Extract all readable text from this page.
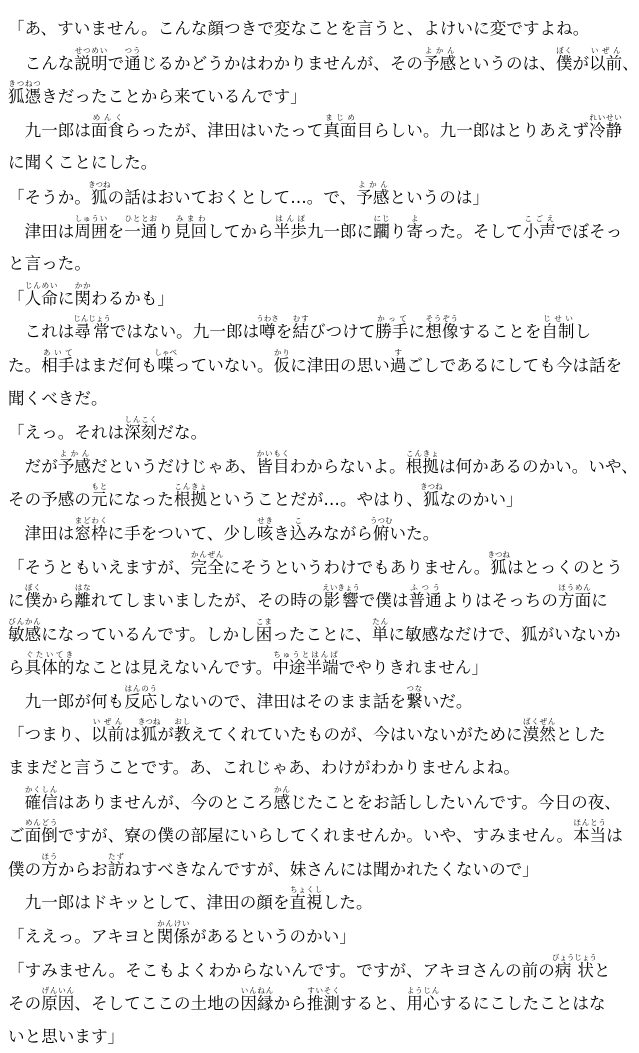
「あ、すいません。こんな顔つきで変なことを言うと、よけいに変ですよね。
　こんな説明せつめいで通つうじるかどうかはわかりませんが、その予感よかんというのは、僕ぼくが以前いぜん、
狐憑きつねつきだったことから来ているんです」
　九一郎は面食めんくらったが、津田はいたって真面まじめ目らしい。九一郎はとりあえず冷静れいせい
に聞くことにした。
「そうか。狐きつねの話はおいておくとして…。で、予感よかんというのは」
　津田は周囲しゅういを一通ひととおり見回みまわしてから半歩はんぽ九一郎に躙にじり寄よった。そして小声こごえでぼそっ
と言った。
「人命じんめいに関かかわるかも」
　これは尋常じんじょうではない。九一郎は噂うわさを結むすびつけて勝手かってに想像そうぞうすることを自制じせいし
た。相手あいてはまだ何も喋しゃべっていない。仮かりに津田の思い過すごしであるにしても今は話を
聞くべきだ。
「えっ。それは深刻しんこくだな。
　だが予感よかんだというだけじゃあ、皆目かいもくわからないよ。根拠こんきょは何かあるのかい。いや、
その予感の元もとになった根拠こんきょということだが…。やはり、狐きつねなのかい」
　津田は窓枠まどわくに手をついて、少し咳せきき込こみながら俯うつむいた。
「そうともいえますが、完全かんぜんにそうというわけでもありません。狐きつねはとっくのとう
に僕ぼくから離はなれてしまいましたが、その時の影響えいきょうで僕は普通ふつうよりはそっちの方面ほうめんに
敏感びんかんになっているんです。しかし困こまったことに、単たんに敏感なだけで、狐がいないか
ら具体的ぐたいてきなことは見えないんです。中途半端ちゅうとはんぱでやりきれません」
　九一郎が何も反応はんのうしないので、津田はそのまま話を繋つないだ。
「つまり、以前いぜんは狐きつねが教おしえてくれていたものが、今はいないがために漠然ばくぜんとした
ままだと言うことです。あ、これじゃあ、わけがわかりませんよね。
　確信かくしんはありませんが、今のところ感かんじたことをお話ししたいんです。今日の夜、
ご面倒めんどうですが、寮の僕の部屋にいらしてくれませんか。いや、すみません。本当ほんとうは
僕の方ほうからお訪たずねすべきなんですが、妹さんには聞かれたくないので」
　九一郎はドキッとして、津田の顔を直視ちょくしした。
「ええっ。アキヨと関係かんけいがあるというのかい」
「すみません。そこもよくわからないんです。ですが、アキヨさんの前の病状びょうじょうと
その原因げんいん、そしてここの土地の因縁いんねんから推測すいそくすると、用心ようじんするにこしたことはな
いと思います」
